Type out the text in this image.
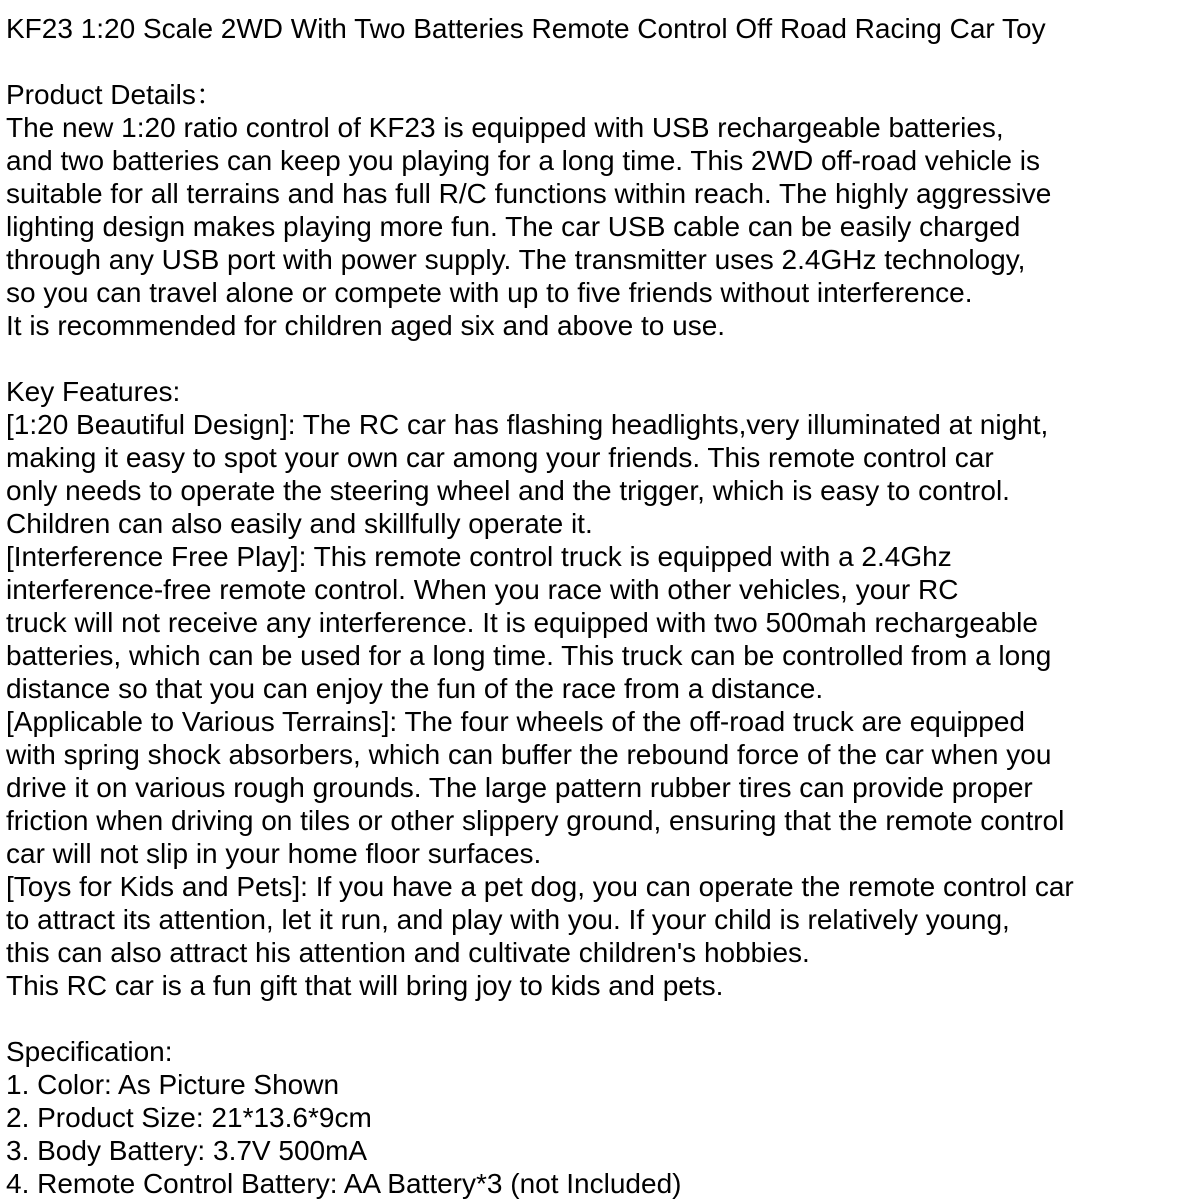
KF23 1:20 Scale 2WD With Two Batteries Remote Control Off Road Racing Car Toy
Product Details：
The new 1:20 ratio control of KF23 is equipped with USB rechargeable batteries,
and two batteries can keep you playing for a long time. This 2WD off-road vehicle is
suitable for all terrains and has full R/C functions within reach. The highly aggressive
lighting design makes playing more fun. The car USB cable can be easily charged
through any USB port with power supply. The transmitter uses 2.4GHz technology,
so you can travel alone or compete with up to five friends without interference.
It is recommended for children aged six and above to use.
Key Features:
[1:20 Beautiful Design]: The RC car has flashing headlights,very illuminated at night,
making it easy to spot your own car among your friends. This remote control car
only needs to operate the steering wheel and the trigger, which is easy to control.
Children can also easily and skillfully operate it.
[Interference Free Play]: This remote control truck is equipped with a 2.4Ghz
interference-free remote control. When you race with other vehicles, your RC
truck will not receive any interference. It is equipped with two 500mah rechargeable
batteries, which can be used for a long time. This truck can be controlled from a long
distance so that you can enjoy the fun of the race from a distance.
[Applicable to Various Terrains]: The four wheels of the off-road truck are equipped
with spring shock absorbers, which can buffer the rebound force of the car when you
drive it on various rough grounds. The large pattern rubber tires can provide proper
friction when driving on tiles or other slippery ground, ensuring that the remote control
car will not slip in your home floor surfaces.
[Toys for Kids and Pets]: If you have a pet dog, you can operate the remote control car
to attract its attention, let it run, and play with you. If your child is relatively young,
this can also attract his attention and cultivate children's hobbies.
This RC car is a fun gift that will bring joy to kids and pets.
Specification:
1. Color: As Picture Shown
2. Product Size: 21*13.6*9cm
3. Body Battery: 3.7V 500mA
4. Remote Control Battery: AA Battery*3 (not Included)
